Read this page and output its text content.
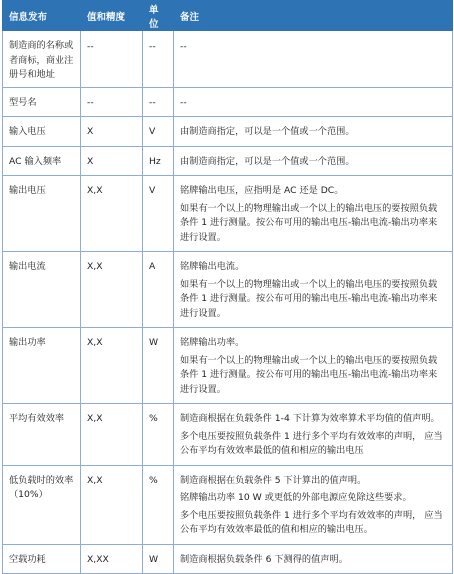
信息发布	值和精度	单位	备注
制造商的名称或者商标，商业注册号和地址	--	--	--

型号名	--	--	--

输入电压	X	V	由制造商指定，可以是一个值或一个范围。

AC 输入频率	X	Hz	由制造商指定，可以是一个值或一个范围。

输出电压	X,X	V	铭牌输出电压，应指明是 AC 还是 DC。
如果有一个以上的物理输出或一个以上的输出电压的要按照负载条件 1 进行测量。按公布可用的输出电压-输出电流-输出功率来进行设置。

输出电流	X,X	A	铭牌输出电流。
如果有一个以上的物理输出或一个以上的输出电压的要按照负载条件 1 进行测量。按公布可用的输出电压-输出电流-输出功率来进行设置。

输出功率	X,X	W	铭牌输出功率。
如果有一个以上的物理输出或一个以上的输出电压的要按照负载条件 1 进行测量。按公布可用的输出电压-输出电流-输出功率来进行设置。

平均有效效率	X,X	%	制造商根据在负载条件 1-4 下计算为效率算术平均值的值声明。
多个电压要按照负载条件 1 进行多个平均有效效率的声明， 应当公布平均有效效率最低的值和相应的输出电压

低负载时的效率（10%）	X,X	%	制造商根据在负载条件 5 下计算出的值声明。
铭牌输出功率 10 W 或更低的外部电源应免除这些要求。
多个电压要按照负载条件 1 进行多个平均有效效率的声明， 应当公布平均有效效率最低的值和相应的输出电压。

空载功耗	X,XX	W	制造商根据负载条件 6 下测得的值声明。
